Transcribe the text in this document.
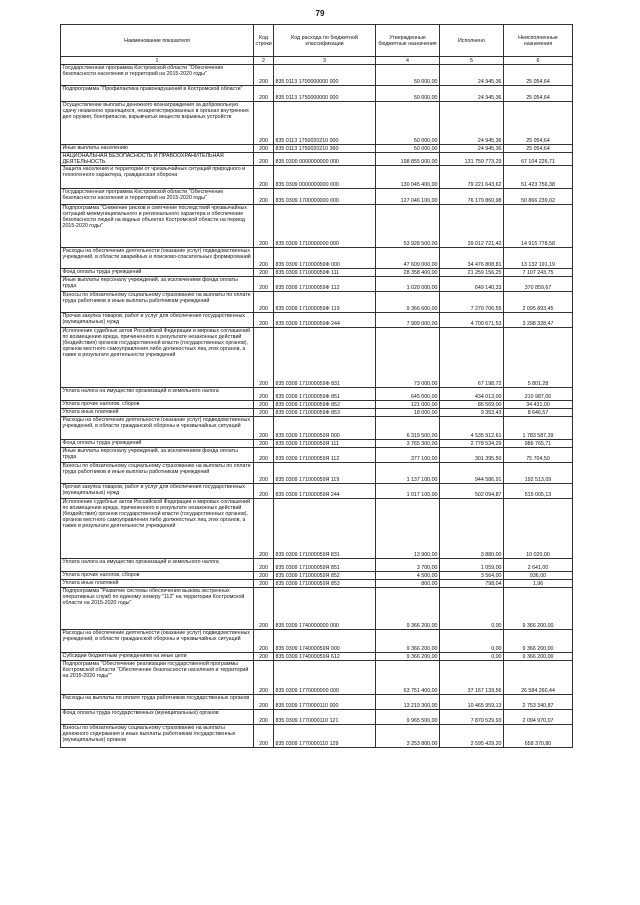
79
Наименование показателя	Код строки	Код расхода по бюджетной классификации	Утвержденные бюджетные назначения	Исполнено	Неисполненные назначения
1	2	3	4	5	6
Государственная программа Костромской области "Обеспечение безопасности населения и территорий на 2015-2020 годы"	200	835 0113 1700000000 000	50 000,00	24 945,36	25 054,64
Подпрограмма "Профилактика правонарушений в Костромской области"	200	835 0113 1750000000 000	50 000,00	24 945,36	25 054,64
Осуществление выплаты денежного вознаграждения за добровольную сдачу незаконно хранящихся, незарегистрированных в органах внутренних дел оружия, боеприпасов, взрывчатых веществ взрывных устройств	200	835 0113 1750020210 000	50 000,00	24 945,36	25 054,64
Иные выплаты населению	200	835 0113 1750020210 360	50 000,00	24 945,36	25 054,64
НАЦИОНАЛЬНАЯ БЕЗОПАСНОСТЬ И ПРАВООХРАНИТЕЛЬНАЯ ДЕЯТЕЛЬНОСТЬ	200	835 0300 0000000000 000	198 855 000,00	131 750 773,29	67 104 226,71
Защита населения и территории от чрезвычайных ситуаций природного и техногенного характера, гражданская оборона	200	835 0309 0000000000 000	130 045 400,00	79 221 643,62	51 423 756,38
Государственная программа Костромской области "Обеспечение безопасности населения и территорий на 2015-2020 годы"	200	835 0309 1700000000 000	127 046 100,00	76 179 860,98	50 866 239,02
Подпрограмма "Снижение рисков и смягчение последствий чрезвычайных ситуаций межмуниципального и регионального характера и обеспечение безопасности людей на водных объектах Костромской области на период 2015-2020 годы"	200	835 0309 1710000000 000	53 928 500,00	39 012 721,42	14 915 778,58
Расходы на обеспечение деятельности (оказание услуг) подведомственных учреждений, в области аварийных и поисково-спасательных формирований	200	835 0309 171000059Ф 000	47 609 000,00	34 476 808,81	13 132 191,19
Фонд оплаты труда учреждений	200	835 0309 171000059Ф 111	28 358 400,00	21 259 156,25	7 107 243,75
Иные выплаты персоналу учреждений, за исключением фонда оплаты труда	200	835 0309 171000059Ф 112	1 020 000,00	649 140,33	370 859,67
Взносы по обязательному социальному страхованию на выплаты по оплате труда работников и иные выплаты работникам учреждений	200	835 0309 171000059Ф 119	9 366 600,00	7 270 706,55	2 095 893,45
Прочая закупка товаров, работ и услуг для обеспечения государственных (муниципальных) нужд	200	835 0309 171000059Ф 244	7 999 000,00	4 700 671,53	3 298 328,47
Исполнение судебных актов Российской Федерации и мировых соглашений по возмещению вреда, причиненного в результате незаконных действий (бездействия) органов государственной власти (государственных органов), органов местного самоуправления либо должностных лиц этих органов, а также в результате деятельности учреждений	200	835 0309 171000059Ф 831	73 000,00	67 198,72	5 801,28
Уплата налога на имущество организаций и земельного налога	200	835 0309 171000059Ф 851	645 000,00	434 013,00	210 987,00
Уплата прочих налогов, сборов	200	835 0309 171000059Ф 852	121 000,00	86 569,00	34 431,00
Уплата иных платежей	200	835 0309 171000059Ф 853	18 000,00	9 353,43	8 646,57
Расходы на обеспечение деятельности (оказание услуг) подведомственных учреждений, в области гражданской обороны и чрезвычайных ситуаций	200	835 0309 171000059Я 000	6 319 500,00	4 535 912,61	1 783 587,39
Фонд оплаты труда учреждений	200	835 0309 171000059Я 111	3 765 300,00	2 778 534,29	986 765,71
Иные выплаты персоналу учреждений, за исключением фонда оплаты труда	200	835 0309 171000059Я 112	377 100,00	301 395,50	75 704,50
Взносы по обязательному социальному страхованию на выплаты по оплате труда работников и иные выплаты работникам учреждений	200	835 0309 171000059Я 119	1 137 100,00	944 586,91	192 513,09
Прочая закупка товаров, работ и услуг для обеспечения государственных (муниципальных) нужд	200	835 0309 171000059Я 244	1 017 100,00	502 094,87	515 005,13
Исполнение судебных актов Российской Федерации и мировых соглашений по возмещению вреда, причиненного в результате незаконных действий (бездействия) органов государственной власти (государственных органов), органов местного самоуправления либо должностных лиц этих органов, а также в результате деятельности учреждений	200	835 0309 171000059Я 831	13 900,00	3 880,00	10 020,00
Уплата налога на имущество организаций и земельного налога	200	835 0309 171000059Я 851	3 700,00	1 059,00	2 641,00
Уплата прочих налогов, сборов	200	835 0309 171000059Я 852	4 500,00	3 564,00	936,00
Уплата иных платежей	200	835 0309 171000059Я 853	800,00	798,04	1,96
Подпрограмма "Развитие системы обеспечения вызова экстренных оперативных служб по единому номеру "112" на территории Костромской области на 2015-2020 годы"	200	835 0309 1740000000 000	9 366 200,00	0,00	9 366 200,00
Расходы на обеспечение деятельности (оказание услуг) подведомственных учреждений, в области гражданской обороны и чрезвычайных ситуаций	200	835 0309 174000059Я 000	9 366 200,00	0,00	9 366 200,00
Субсидии бюджетным учреждениям на иные цели	200	835 0309 174000059Я 612	9 366 200,00	0,00	9 366 200,00
Подпрограмма "Обеспечение реализации государственной программы Костромской области "Обеспечение безопасности населения и территорий на 2015-2020 годы""	200	835 0309 1770000000 000	63 751 400,00	37 167 139,56	26 584 260,44
Расходы на выплаты по оплате труда работников государственных органов	200	835 0309 1770000110 000	13 219 300,00	10 465 959,13	2 753 340,87
Фонд оплаты труда государственных (муниципальных) органов	200	835 0309 1770000110 121	9 965 500,00	7 870 529,93	2 094 970,07
Взносы по обязательному социальному страхованию на выплаты денежного содержания и иные выплаты работникам государственных (муниципальных) органов	200	835 0309 1770000110 129	3 253 800,00	2 595 429,20	658 370,80
